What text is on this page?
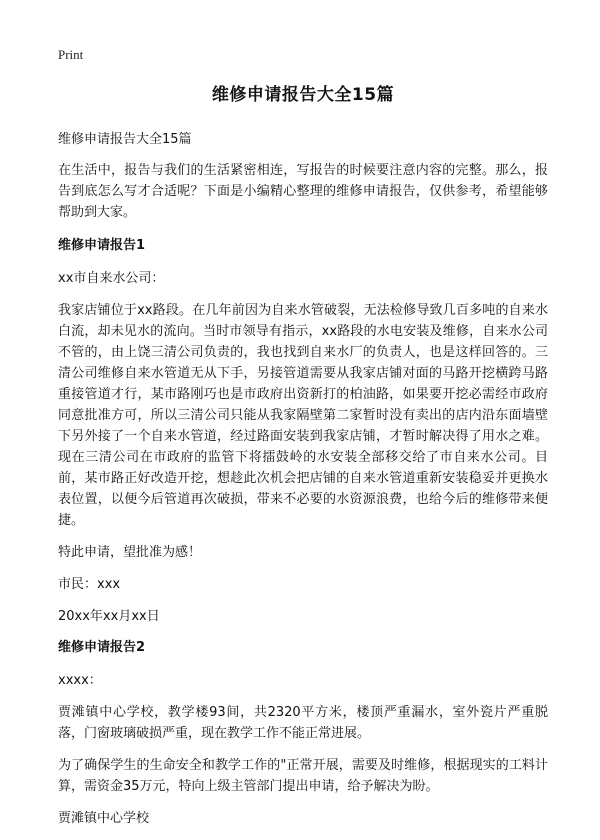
Print
维修申请报告大全15篇

维修申请报告大全15篇

在生活中，报告与我们的生活紧密相连，写报告的时候要注意内容的完整。那么，报告到底怎么写才合适呢？下面是小编精心整理的维修申请报告，仅供参考，希望能够帮助到大家。

维修申请报告1

xx市自来水公司：

我家店铺位于xx路段。在几年前因为自来水管破裂，无法检修导致几百多吨的自来水白流，却未见水的流向。当时市领导有指示，xx路段的水电安装及维修，自来水公司不管的，由上饶三清公司负责的，我也找到自来水厂的负责人，也是这样回答的。三清公司维修自来水管道无从下手，另接管道需要从我家店铺对面的马路开挖横跨马路重接管道才行，某市路刚巧也是市政府出资新打的柏油路，如果要开挖必需经市政府同意批准方可，所以三清公司只能从我家隔壁第二家暂时没有卖出的店内沿东面墙壁下另外接了一个自来水管道，经过路面安装到我家店铺，才暂时解决得了用水之难。现在三清公司在市政府的监管下将擂鼓岭的水安装全部移交给了市自来水公司。目前，某市路正好改造开挖，想趁此次机会把店铺的自来水管道重新安装稳妥并更换水表位置，以便今后管道再次破损，带来不必要的水资源浪费，也给今后的维修带来便捷。

特此申请，望批准为感！

市民：xxx

20xx年xx月xx日

维修申请报告2

xxxx：

贾滩镇中心学校，教学楼93间，共2320平方米，楼顶严重漏水，室外瓷片严重脱落，门窗玻璃破损严重，现在教学工作不能正常进展。

为了确保学生的生命安全和教学工作的"正常开展，需要及时维修，根据现实的工料计算，需资金35万元，特向上级主管部门提出申请，给予解决为盼。

贾滩镇中心学校
